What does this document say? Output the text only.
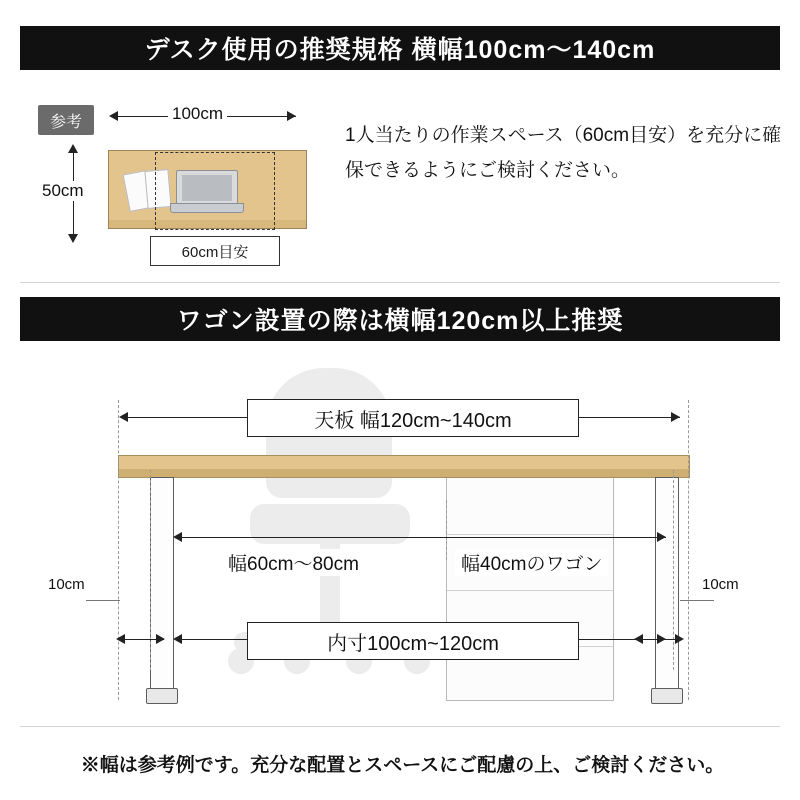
デスク使用の推奨規格 横幅100cm～140cm
参考	100cm
50cm
60cm目安
1人当たりの作業スペース（60cm目安）を充分に確保できるようにご検討ください。
ワゴン設置の際は横幅120cm以上推奨
天板 幅120cm~140cm
幅60cm〜80cm	幅40cmのワゴン
内寸100cm~120cm
10cm	10cm
※幅は参考例です。充分な配置とスペースにご配慮の上、ご検討ください。
